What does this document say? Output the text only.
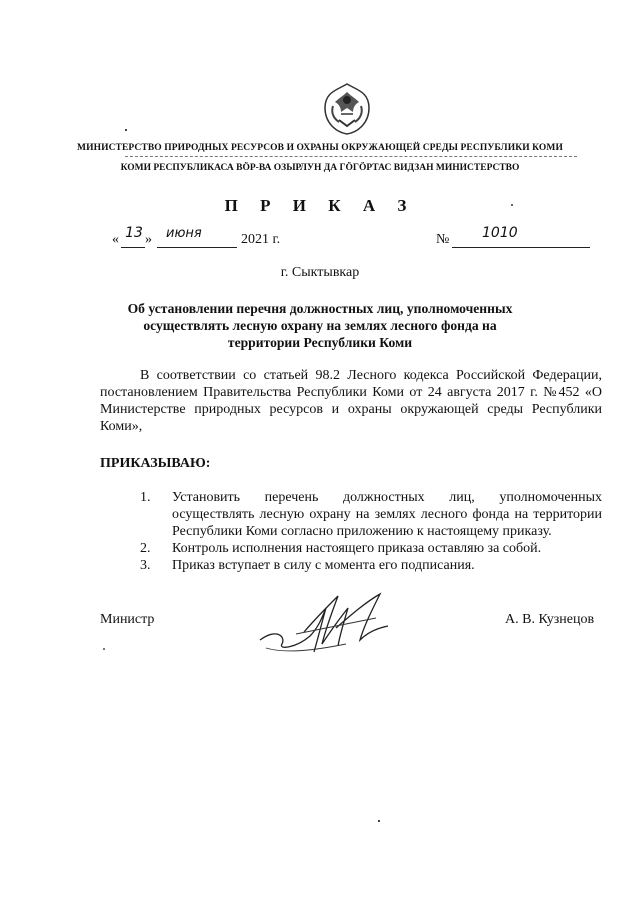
МИНИСТЕРСТВО ПРИРОДНЫХ РЕСУРСОВ И ОХРАНЫ ОКРУЖАЮЩЕЙ СРЕДЫ РЕСПУБЛИКИ КОМИ
КОМИ РЕСПУБЛИКАСА ВӦР-ВА ОЗЫРЛУН ДА ГӦГӦРТАС ВИДЗАН МИНИСТЕРСТВО
П Р И К А З
« 13 »	июня	2021 г.	№	1010
г. Сыктывкар
Об установлении перечня должностных лиц, уполномоченных осуществлять лесную охрану на землях лесного фонда на территории Республики Коми

В соответствии со статьей 98.2 Лесного кодекса Российской Федерации, постановлением Правительства Республики Коми от 24 августа 2017 г. №452 «О Министерстве природных ресурсов и охраны окружающей среды Республики Коми»,

ПРИКАЗЫВАЮ:
1.	Установить перечень должностных лиц, уполномоченных осуществлять лесную охрану на землях лесного фонда на территории Республики Коми согласно приложению к настоящему приказу.
2.	Контроль исполнения настоящего приказа оставляю за собой.
3.	Приказ вступает в силу с момента его подписания.
Министр	А. В. Кузнецов
